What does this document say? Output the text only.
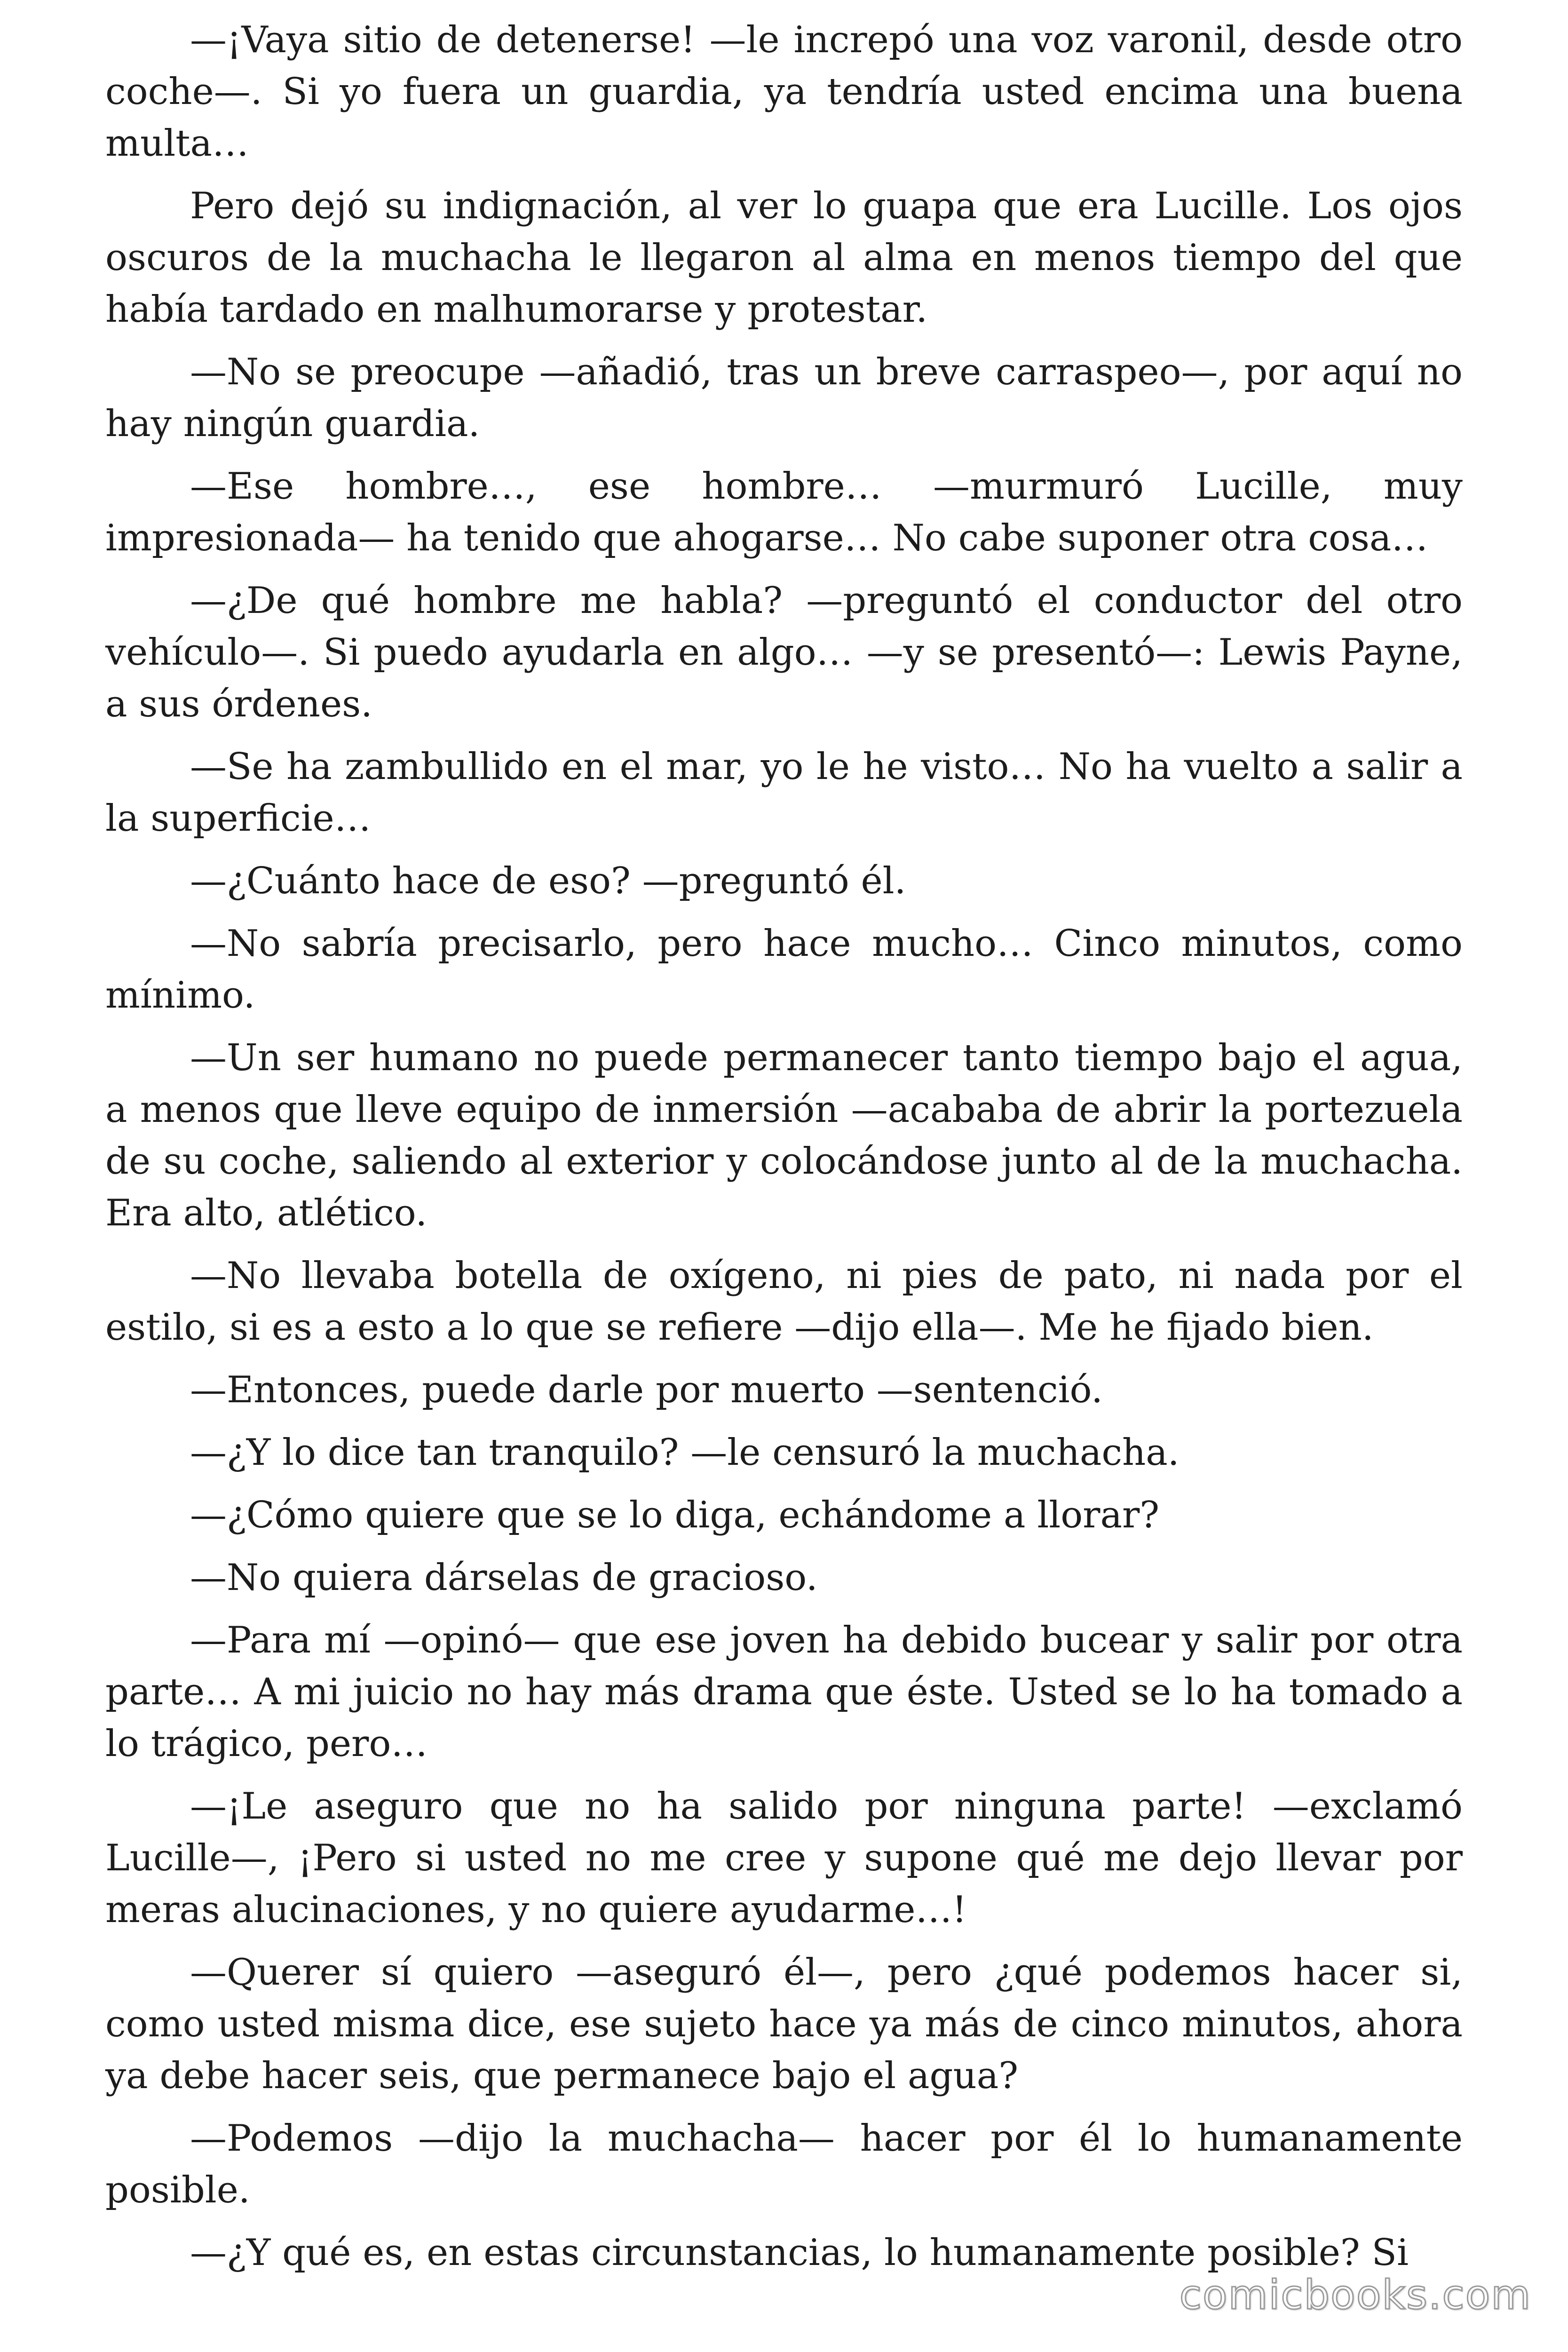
—¡Vaya sitio de detenerse! —le increpó una voz varonil, desde otro coche—. Si yo fuera un guardia, ya tendría usted encima una buena multa…

Pero dejó su indignación, al ver lo guapa que era Lucille. Los ojos oscuros de la muchacha le llegaron al alma en menos tiempo del que había tardado en malhumorarse y protestar.

—No se preocupe —añadió, tras un breve carraspeo—, por aquí no hay ningún guardia.

—Ese hombre…, ese hombre… —murmuró Lucille, muy impresionada— ha tenido que ahogarse… No cabe suponer otra cosa…

—¿De qué hombre me habla? —preguntó el conductor del otro vehículo—. Si puedo ayudarla en algo… —y se presentó—: Lewis Payne, a sus órdenes.

—Se ha zambullido en el mar, yo le he visto… No ha vuelto a salir a la superficie…

—¿Cuánto hace de eso? —preguntó él.

—No sabría precisarlo, pero hace mucho… Cinco minutos, como mínimo.

—Un ser humano no puede permanecer tanto tiempo bajo el agua, a menos que lleve equipo de inmersión —acababa de abrir la portezuela de su coche, saliendo al exterior y colocándose junto al de la muchacha. Era alto, atlético.

—No llevaba botella de oxígeno, ni pies de pato, ni nada por el estilo, si es a esto a lo que se refiere —dijo ella—. Me he fijado bien.

—Entonces, puede darle por muerto —sentenció.

—¿Y lo dice tan tranquilo? —le censuró la muchacha.

—¿Cómo quiere que se lo diga, echándome a llorar?

—No quiera dárselas de gracioso.

—Para mí —opinó— que ese joven ha debido bucear y salir por otra parte… A mi juicio no hay más drama que éste. Usted se lo ha tomado a lo trágico, pero…

—¡Le aseguro que no ha salido por ninguna parte! —exclamó Lucille—, ¡Pero si usted no me cree y supone qué me dejo llevar por meras alucinaciones, y no quiere ayudarme…!

—Querer sí quiero —aseguró él—, pero ¿qué podemos hacer si, como usted misma dice, ese sujeto hace ya más de cinco minutos, ahora ya debe hacer seis, que permanece bajo el agua?

—Podemos —dijo la muchacha— hacer por él lo humanamente posible.

—¿Y qué es, en estas circunstancias, lo humanamente posible? Si

comicbooks.com
